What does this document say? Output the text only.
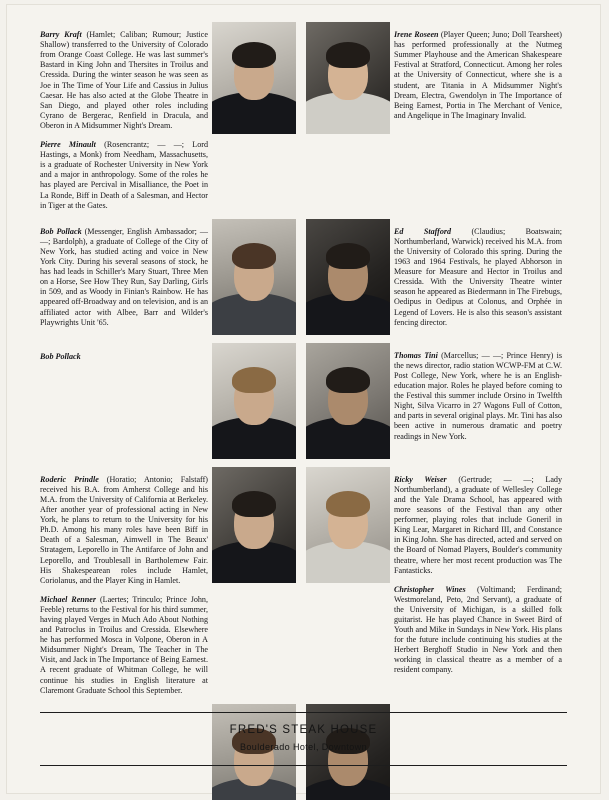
Barry Kraft (Hamlet; Caliban; Rumour; Justice Shallow) transferred to the University of Colorado from Orange Coast College. He was last summer's Bastard in King John and Thersites in Troilus and Cressida. During the winter season he was seen as Joe in The Time of Your Life and Cassius in Julius Caesar. He has also acted at the Globe Theatre in San Diego, and played other roles including Cyrano de Bergerac, Renfield in Dracula, and Oberon in A Midsummer Night's Dream.

Pierre Minault (Rosencrantz; — —; Lord Hastings, a Monk) from Needham, Massachusetts, is a graduate of Rochester University in New York and a major in anthropology. Some of the roles he has played are Percival in Misalliance, the Poet in La Ronde, Biff in Death of a Salesman, and Hector in Tiger at the Gates.

Irene Roseen (Player Queen; Juno; Doll Tearsheet) has performed professionally at the Nutmeg Summer Playhouse and the American Shakespeare Festival at Stratford, Connecticut. Among her roles at the University of Connecticut, where she is a student, are Titania in A Midsummer Night's Dream, Electra, Gwendolyn in The Importance of Being Earnest, Portia in The Merchant of Venice, and Angelique in The Imaginary Invalid.

Bob Pollack (Messenger, English Ambassador; — —; Bardolph), a graduate of College of the City of New York, has studied acting and voice in New York City. During his several seasons of stock, he has had leads in Schiller's Mary Stuart, Three Men on a Horse, See How They Run, Say Darling, Girls in 509, and as Woody in Finian's Rainbow. He has appeared off-Broadway and on television, and is an affiliated actor with Albee, Barr and Wilder's Playwrights Unit '65.

Ed Stafford	(Claudius; Boatswain; Northumberland, Warwick) received his M.A. from the University of Colorado this spring. During the 1963 and 1964 Festivals, he played Abhorson in Measure for Measure and Hector in Troilus and Cressida. With the University Theatre winter season he appeared as Biedermann in The Firebugs, Oedipus in Oedipus at Colonus, and Orphée in Legend of Lovers. He is also this season's assistant fencing director.

Bob Pollack	Thomas Tini (Marcellus; — —; Prince Henry) is the news director, radio station WCWP-FM at C.W. Post College, New York, where he is an English-education major. Roles he played before coming to the Festival this summer include Orsino in Twelfth Night, Silva Vicarro in 27 Wagons Full of Cotton, and parts in several original plays. Mr. Tini has also been active in numerous dramatic and poetry readings in New York.

Roderic Prindle (Horatio; Antonio; Falstaff) received his B.A. from Amherst College and his M.A. from the University of California at Berkeley. After another year of professional acting in New York, he plans to return to the University for his Ph.D. Among his many roles have been Biff in Death of a Salesman, Aimwell in The Beaux' Stratagem, Leporello in The Antifarce of John and Leporello, and Troublesall in Bartholemew Fair. His Shakespearean roles include Hamlet, Coriolanus, and the Player King in Hamlet.

Michael Renner (Laertes; Trinculo; Prince John, Feeble) returns to the Festival for his third summer, having played Verges in Much Ado About Nothing and Patroclus in Troilus and Cressida. Elsewhere he has performed Mosca in Volpone, Oberon in A Midsummer Night's Dream, The Teacher in The Visit, and Jack in The Importance of Being Earnest. A recent graduate of Whitman College, he will continue his studies in English literature at Claremont Graduate School this September.

Ricky Weiser (Gertrude; — —; Lady Northumberland), a graduate of Wellesley College and the Yale Drama School, has appeared with more seasons of the Festival than any other performer, playing roles that include Goneril in King Lear, Margaret in Richard III, and Constance in King John. She has directed, acted and served on the Board of Nomad Players, Boulder's community theatre, where her most recent production was The Fantasticks.

Christopher Wines (Voltimand; Ferdinand; Westmoreland, Peto, 2nd Servant), a graduate of the University of Michigan, is a skilled folk guitarist. He has played Chance in Sweet Bird of Youth and Mike in Sundays in New York. His plans for the future include continuing his studies at the Herbert Berghoff Studio in New York and then working in classical theatre as a member of a resident company.

FRED'S STEAK HOUSE
Boulderado Hotel, Downtown
